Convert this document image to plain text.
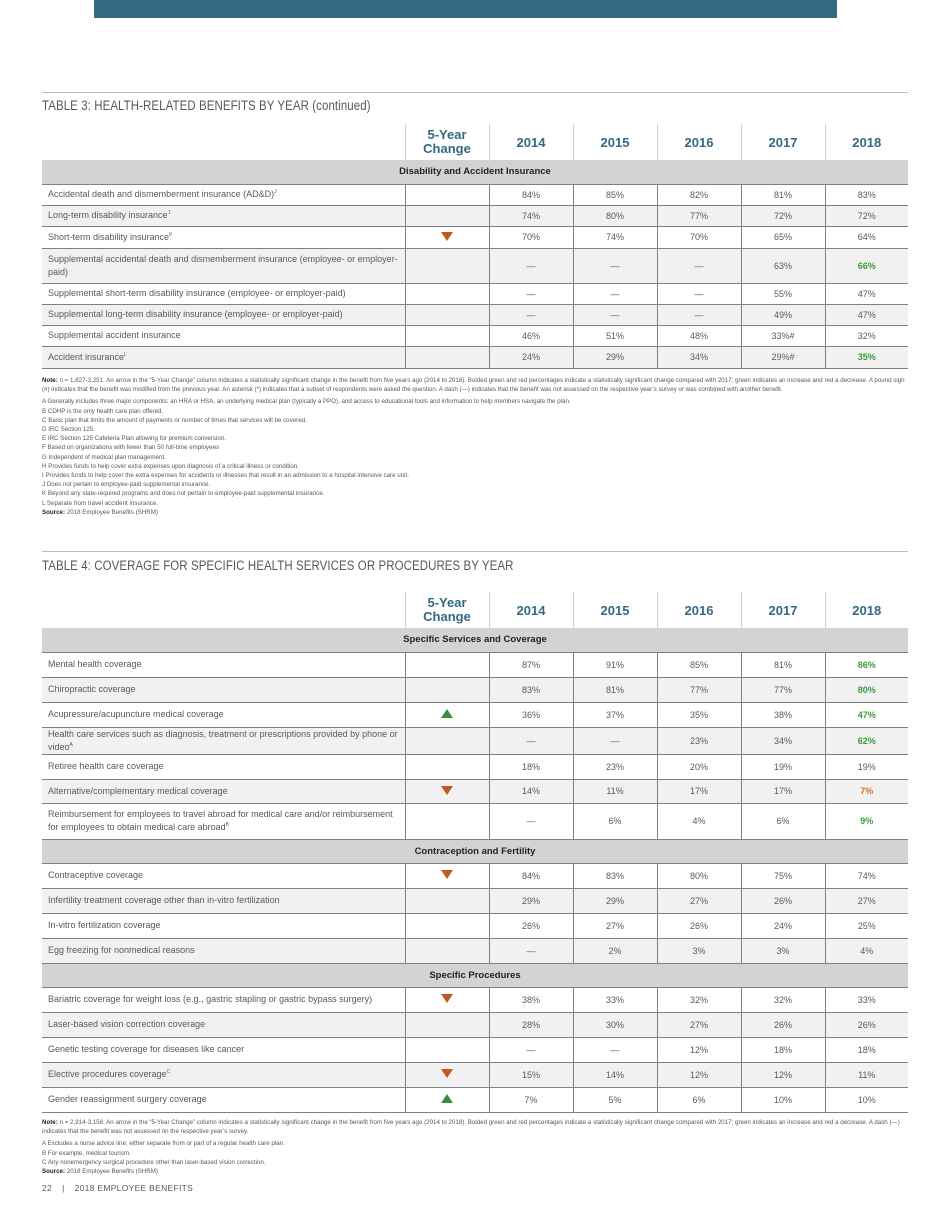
TABLE 3: HEALTH-RELATED BENEFITS BY YEAR (continued)
	5-Year Change	2014	2015	2016	2017	2018
Disability and Accident Insurance						
Accidental death and dismemberment insurance (AD&D)$^J$		84%	85%	82%	81%	83%
Long-term disability insurance$^J$		74%	80%	77%	72%	72%
Short-term disability insurance$^K$		70%	74%	70%	65%	64%
Supplemental accidental death and dismemberment insurance (employee- or employer-paid)		—	—	—	63%	66%
Supplemental short-term disability insurance (employee- or employer-paid)		—	—	—	55%	47%
Supplemental long-term disability insurance (employee- or employer-paid)		—	—	—	49%	47%
Supplemental accident insurance		46%	51%	48%	33%#	32%
Accident insurance$^L$		24%	29%	34%	29%#	35%
Note: n = 1,827-3,251. An arrow in the “5-Year Change” column indicates a statistically significant change in the benefit from five years ago (2014 to 2018). Bolded green and red percentages indicate a statistically significant change compared with 2017; green indicates an increase and red a decrease. A pound sign (#) indicates that the benefit was modified from the previous year. An asterisk (*) indicates that a subset of respondents were asked the question. A dash (—) indicates that the benefit was not assessed on the respective year’s survey or was combined with another benefit.
A Generally includes three major components: an HRA or HSA, an underlying medical plan (typically a PPO), and access to educational tools and information to help members navigate the plan.
B CDHP is the only health care plan offered.
C Basic plan that limits the amount of payments or number of times that services will be covered.
D IRC Section 125.
E IRC Section 125 Cafeteria Plan allowing for premium conversion.
F Based on organizations with fewer than 50 full-time employees
G Independent of medical plan management.
H Provides funds to help cover extra expenses upon diagnosis of a critical illness or condition.
I Provides funds to help cover the extra expenses for accidents or illnesses that result in an admission to a hospital intensive care unit.
J Does not pertain to employee-paid supplemental insurance.
K Beyond any state-required programs and does not pertain to employee-paid supplemental insurance.
L Separate from travel accident insurance.
Source: 2018 Employee Benefits (SHRM)
TABLE 4: COVERAGE FOR SPECIFIC HEALTH SERVICES OR PROCEDURES BY YEAR
	5-Year Change	2014	2015	2016	2017	2018
Specific Services and Coverage						
Mental health coverage		87%	91%	85%	81%	86%
Chiropractic coverage		83%	81%	77%	77%	80%
Acupressure/acupuncture medical coverage		36%	37%	35%	38%	47%
Health care services such as diagnosis, treatment or prescriptions provided by phone or video$^A$		—	—	23%	34%	62%
Retiree health care coverage		18%	23%	20%	19%	19%
Alternative/complementary medical coverage		14%	11%	17%	17%	7%
Reimbursement for employees to travel abroad for medical care and/or reimbursement for employees to obtain medical care abroad$^B$		—	6%	4%	6%	9%
Contraception and Fertility						
Contraceptive coverage		84%	83%	80%	75%	74%
Infertility treatment coverage other than in-vitro fertilization		29%	29%	27%	26%	27%
In-vitro fertilization coverage		26%	27%	26%	24%	25%
Egg freezing for nonmedical reasons		—	2%	3%	3%	4%
Specific Procedures						
Bariatric coverage for weight loss (e.g., gastric stapling or gastric bypass surgery)		38%	33%	32%	32%	33%
Laser-based vision correction coverage		28%	30%	27%	26%	26%
Genetic testing coverage for diseases like cancer		—	—	12%	18%	18%
Elective procedures coverage$^C$		15%	14%	12%	12%	11%
Gender reassignment surgery coverage		7%	5%	6%	10%	10%
Note: n = 2,914-3,158. An arrow in the “5-Year Change” column indicates a statistically significant change in the benefit from five years ago (2014 to 2018). Bolded green and red percentages indicate a statistically significant change compared with 2017; green indicates an increase and red a decrease. A dash (—) indicates that the benefit was not assessed on the respective year’s survey.
A Excludes a nurse advice line; either separate from or part of a regular health care plan.
B For example, medical tourism.
C Any nonemergency surgical procedure other than laser-based vision correction.
Source: 2018 Employee Benefits (SHRM)
22 | 2018 EMPLOYEE BENEFITS
